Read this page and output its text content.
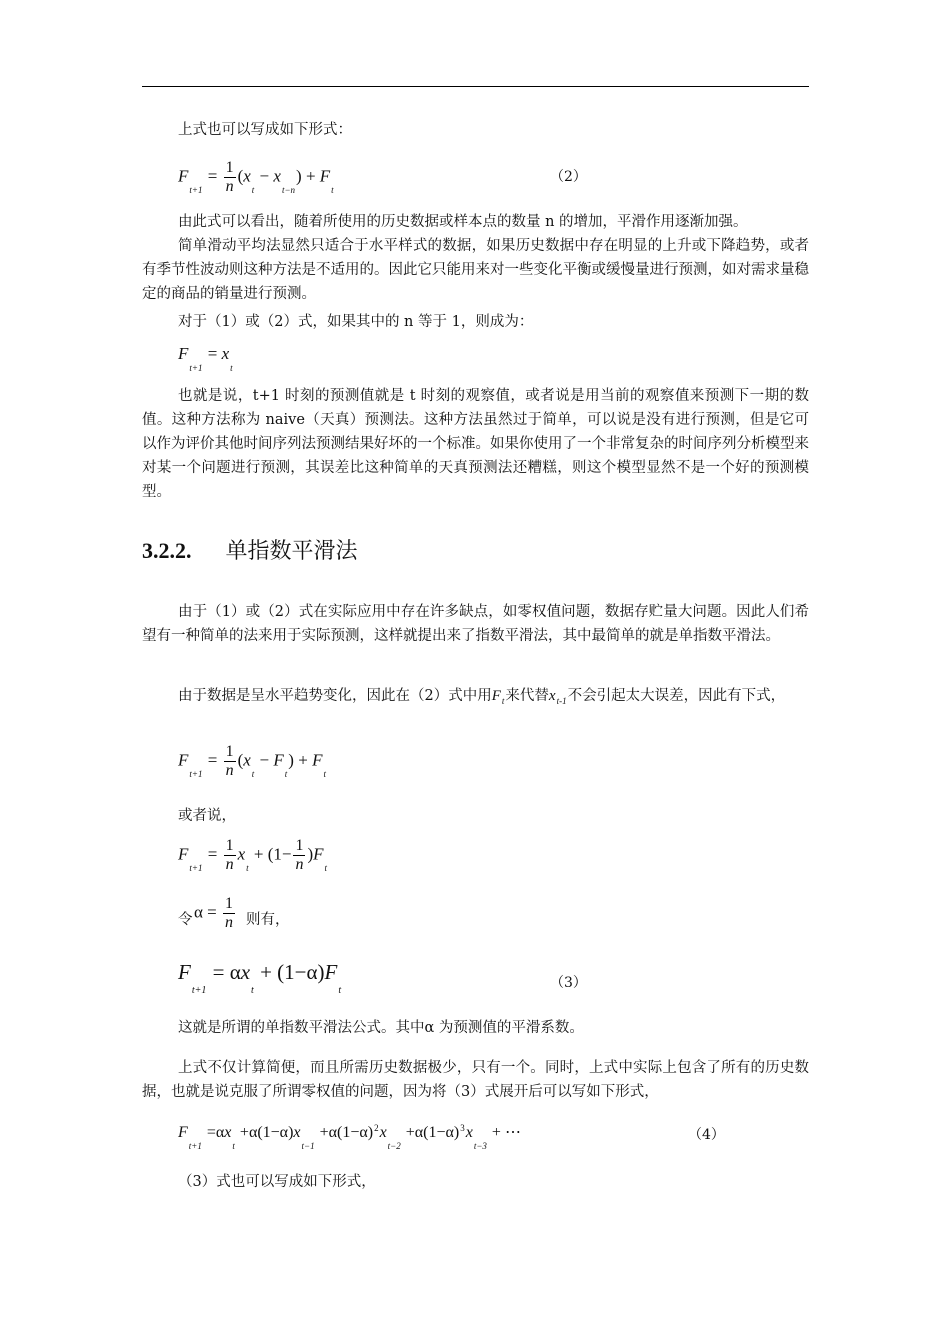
上式也可以写成如下形式：

$F_{t+1} = \frac{1}{n} (x_t - x_{t-n}) + F_t$
（2）

由此式可以看出，随着所使用的历史数据或样本点的数量 n 的增加，平滑作用逐渐加强。

简单滑动平均法显然只适合于水平样式的数据，如果历史数据中存在明显的上升或下降趋势，或者有季节性波动则这种方法是不适用的。因此它只能用来对一些变化平衡或缓慢量进行预测，如对需求量稳定的商品的销量进行预测。

对于（1）或（2）式，如果其中的 n 等于 1，则成为：

$F_{t+1} = x_t$

也就是说，t+1 时刻的预测值就是 t 时刻的观察值，或者说是用当前的观察值来预测下一期的数值。这种方法称为 naive（天真）预测法。这种方法虽然过于简单，可以说是没有进行预测，但是它可以作为评价其他时间序列法预测结果好坏的一个标准。如果你使用了一个非常复杂的时间序列分析模型来对某一个问题进行预测，其误差比这种简单的天真预测法还糟糕，则这个模型显然不是一个好的预测模型。

3.2.2. 单指数平滑法

由于（1）或（2）式在实际应用中存在许多缺点，如零权值问题，数据存贮量大问题。因此人们希望有一种简单的法来用于实际预测，这样就提出来了指数平滑法，其中最简单的就是单指数平滑法。

由于数据是呈水平趋势变化，因此在（2）式中用$F_t$来代替$x_{t-1}$不会引起太大误差，因此有下式，

$F_{t+1} = \frac{1}{n} (x_t - F_t) + F_t$

或者说，

$F_{t+1} = \frac{1}{n} x_t + (1- \frac{1}{n} )F_t$
令 $\alpha = \frac{1}{n}$ 则有，
$F_{t+1} = \alpha x_t + (1-\alpha)F_t$	（3）

这就是所谓的单指数平滑法公式。其中α 为预测值的平滑系数。

上式不仅计算简便，而且所需历史数据极少，只有一个。同时，上式中实际上包含了所有的历史数据，也就是说克服了所谓零权值的问题，因为将（3）式展开后可以写如下形式，

$F_{t+1} =\alpha x_t +\alpha(1-\alpha)x_{t-1} +\alpha(1-\alpha)^2x_{t-2} +\alpha(1-\alpha)^3x_{t-3}$ + ⋯	（4）

（3）式也可以写成如下形式，
